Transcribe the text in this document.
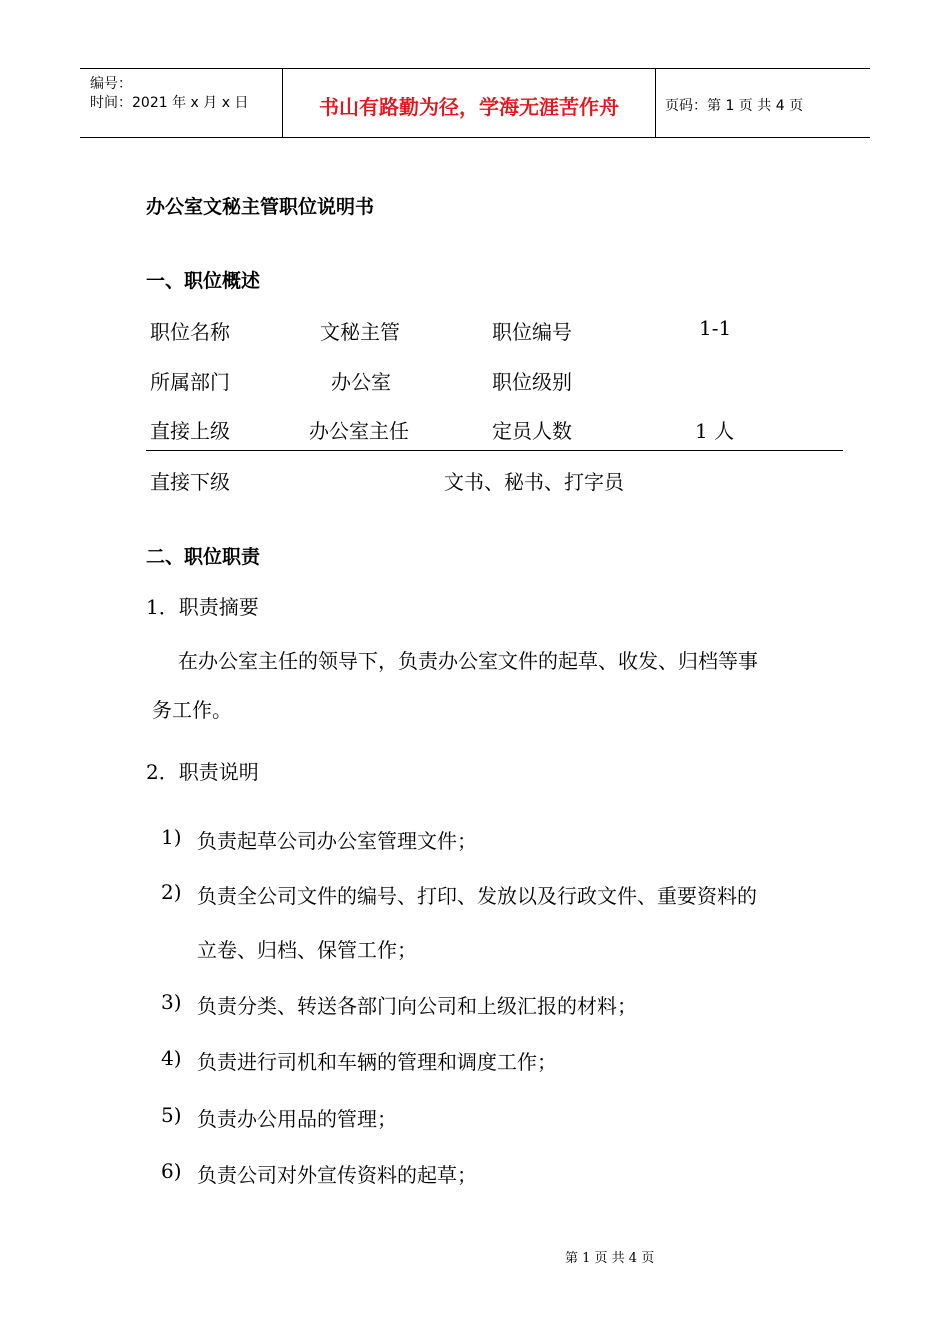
编号：
时间：2021 年 x 月 x 日	书山有路勤为径，学海无涯苦作舟	页码：第 1 页 共 4 页
办公室文秘主管职位说明书
一、职位概述
职位名称	文秘主管	职位编号	1-1
所属部门	办公室	职位级别
直接上级	办公室主任	定员人数	1 人
直接下级	文书、秘书、打字员
二、职位职责
1．职责摘要
在办公室主任的领导下，负责办公室文件的起草、收发、归档等事
务工作。
2．职责说明
1) 负责起草公司办公室管理文件；
2) 负责全公司文件的编号、打印、发放以及行政文件、重要资料的
立卷、归档、保管工作；
3) 负责分类、转送各部门向公司和上级汇报的材料；
4) 负责进行司机和车辆的管理和调度工作；
5) 负责办公用品的管理；
6) 负责公司对外宣传资料的起草；
第 1 页 共 4 页
